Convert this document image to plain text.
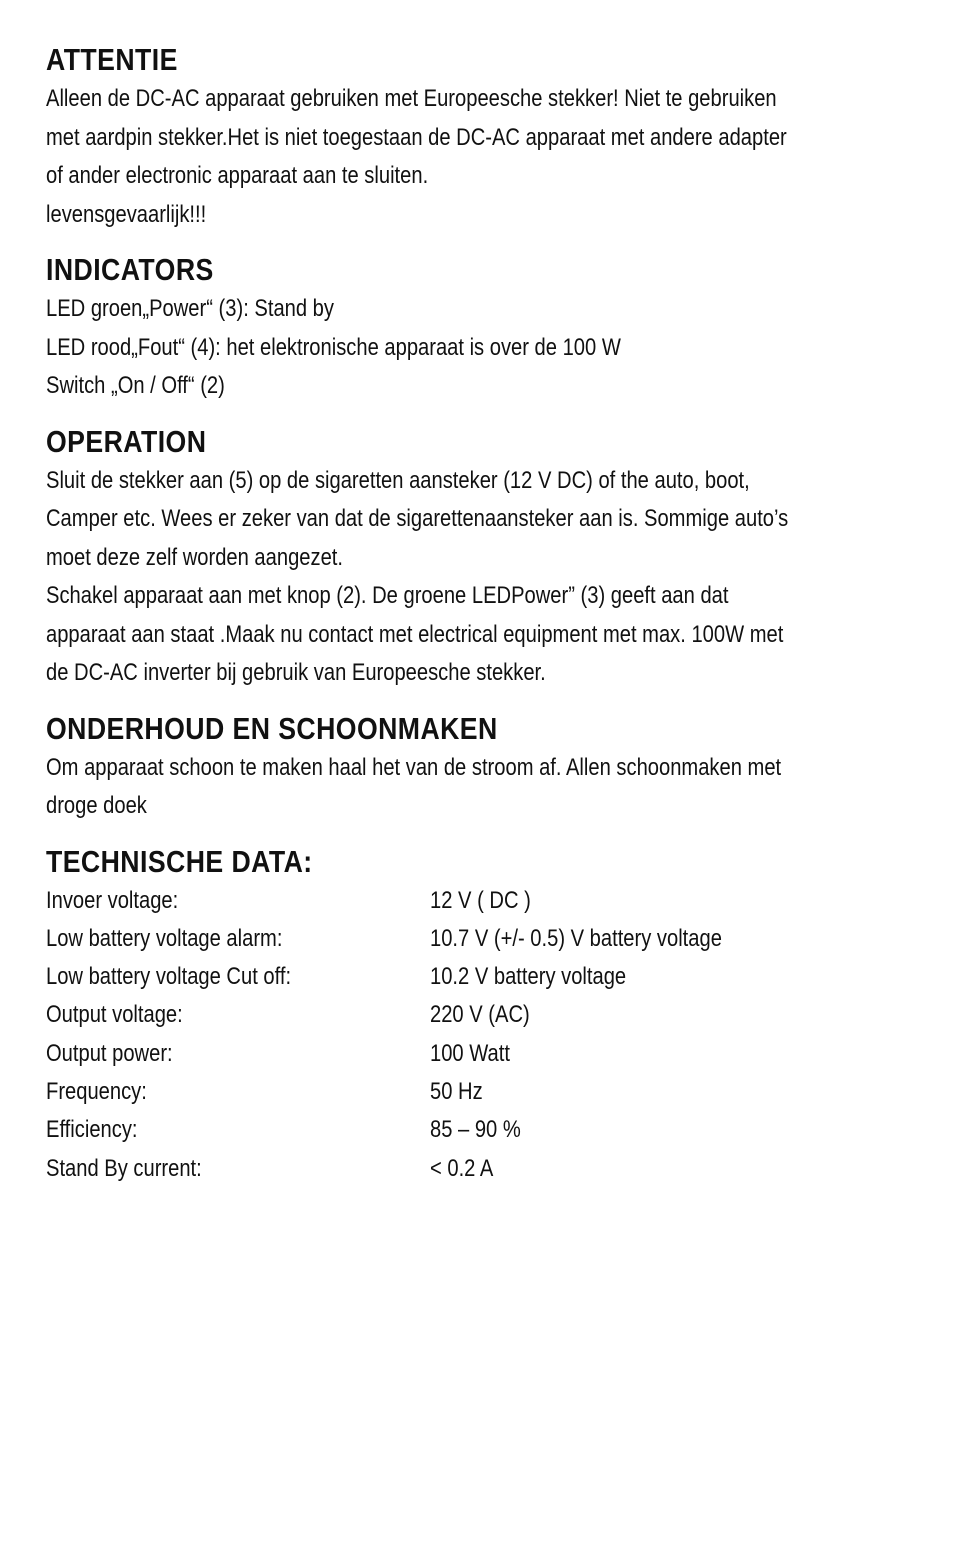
ATTENTIE

Alleen de DC-AC apparaat gebruiken met Europeesche stekker! Niet te gebruiken
met aardpin stekker.Het is niet toegestaan de DC-AC apparaat met andere adapter
of ander electronic apparaat aan te sluiten.
levensgevaarlijk!!!

INDICATORS

LED groen„Power“ (3): Stand by
LED rood„Fout“ (4): het elektronische apparaat is over de 100 W
Switch „On / Off“ (2)

OPERATION

Sluit de stekker aan (5) op de sigaretten aansteker (12 V DC) of the auto, boot,
Camper etc. Wees er zeker van dat de sigarettenaansteker aan is. Sommige auto’s
moet deze zelf worden aangezet.
Schakel apparaat aan met knop (2). De groene LEDPower” (3) geeft aan dat
apparaat aan staat .Maak nu contact met electrical equipment met max. 100W met
de DC-AC inverter bij gebruik van Europeesche stekker.

ONDERHOUD EN SCHOONMAKEN

Om apparaat schoon te maken haal het van de stroom af. Allen schoonmaken met
droge doek

TECHNISCHE DATA:
Invoer voltage:	12 V ( DC )
Low battery voltage alarm:	10.7 V (+/- 0.5) V battery voltage
Low battery voltage Cut off:	10.2 V battery voltage
Output voltage:	220 V (AC)
Output power:	100 Watt
Frequency:	50 Hz
Efficiency:	85 – 90 %
Stand By current:	< 0.2 A
